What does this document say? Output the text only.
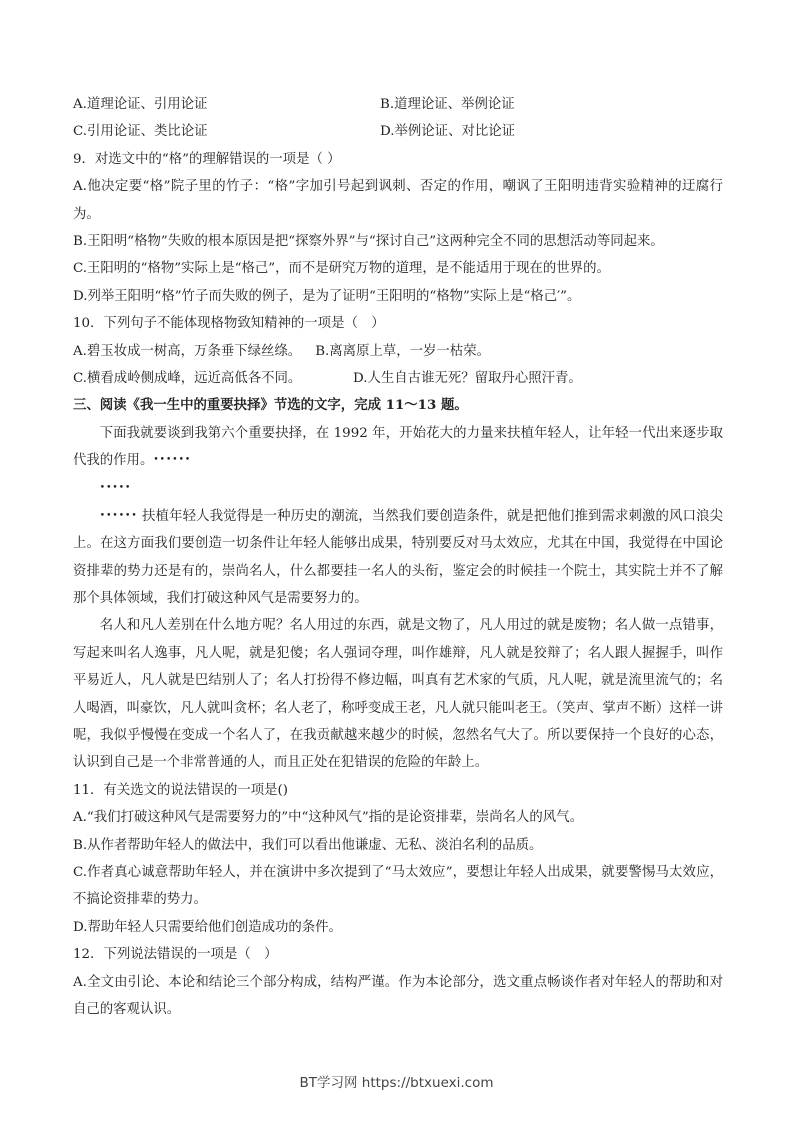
A.道理论证、引用论证	B.道理论证、举例论证
C.引用论证、类比论证	D.举例论证、对比论证
9．对选文中的“格”的理解错误的一项是（ ）
A.他决定要“格”院子里的竹子：“格”字加引号起到讽刺、否定的作用，嘲讽了王阳明违背实验精神的迂腐行为。
B.王阳明“格物”失败的根本原因是把“探察外界”与“探讨自己”这两种完全不同的思想活动等同起来。
C.王阳明的“格物”实际上是“格己”，而不是研究万物的道理，是不能适用于现在的世界的。
D.列举王阳明“格”竹子而失败的例子，是为了证明“王阳明的“格物”实际上是“格己′”。
10．下列句子不能体现格物致知精神的一项是（　）
A.碧玉妆成一树高，万条垂下绿丝绦。 B.离离原上草，一岁一枯荣。
C.横看成岭侧成峰，远近高低各不同。	D.人生自古谁无死？留取丹心照汗青。
三、阅读《我一生中的重要抉择》节选的文字，完成 11～13 题。
下面我就要谈到我第六个重要抉择，在 1992 年，开始花大的力量来扶植年轻人，让年轻一代出来逐步取代我的作用。••••••
•••••
•••••• 扶植年轻人我觉得是一种历史的潮流，当然我们要创造条件，就是把他们推到需求刺激的风口浪尖上。在这方面我们要创造一切条件让年轻人能够出成果，特别要反对马太效应，尤其在中国，我觉得在中国论资排辈的势力还是有的，崇尚名人，什么都要挂一名人的头衔，鉴定会的时候挂一个院士，其实院士并不了解那个具体领域，我们打破这种风气是需要努力的。
名人和凡人差别在什么地方呢？名人用过的东西，就是文物了，凡人用过的就是废物；名人做一点错事，写起来叫名人逸事，凡人呢，就是犯傻；名人强词夺理，叫作雄辩，凡人就是狡辩了；名人跟人握握手，叫作平易近人，凡人就是巴结别人了；名人打扮得不修边幅，叫真有艺术家的气质，凡人呢，就是流里流气的；名人喝酒，叫豪饮，凡人就叫贪杯；名人老了，称呼变成王老，凡人就只能叫老王。（笑声、掌声不断）这样一讲呢，我似乎慢慢在变成一个名人了，在我贡献越来越少的时候，忽然名气大了。所以要保持一个良好的心态，认识到自己是一个非常普通的人，而且正处在犯错误的危险的年龄上。
11．有关选文的说法错误的一项是()
A.“我们打破这种风气是需要努力的”中“这种风气”指的是论资排辈，崇尚名人的风气。
B.从作者帮助年轻人的做法中，我们可以看出他谦虚、无私、淡泊名利的品质。
C.作者真心诚意帮助年轻人，并在演讲中多次提到了“马太效应”，要想让年轻人出成果，就要警惕马太效应，不搞论资排辈的势力。
D.帮助年轻人只需要给他们创造成功的条件。
12．下列说法错误的一项是（　）
A.全文由引论、本论和结论三个部分构成，结构严谨。作为本论部分，选文重点畅谈作者对年轻人的帮助和对自己的客观认识。
BT学习网 https://btxuexi.com
